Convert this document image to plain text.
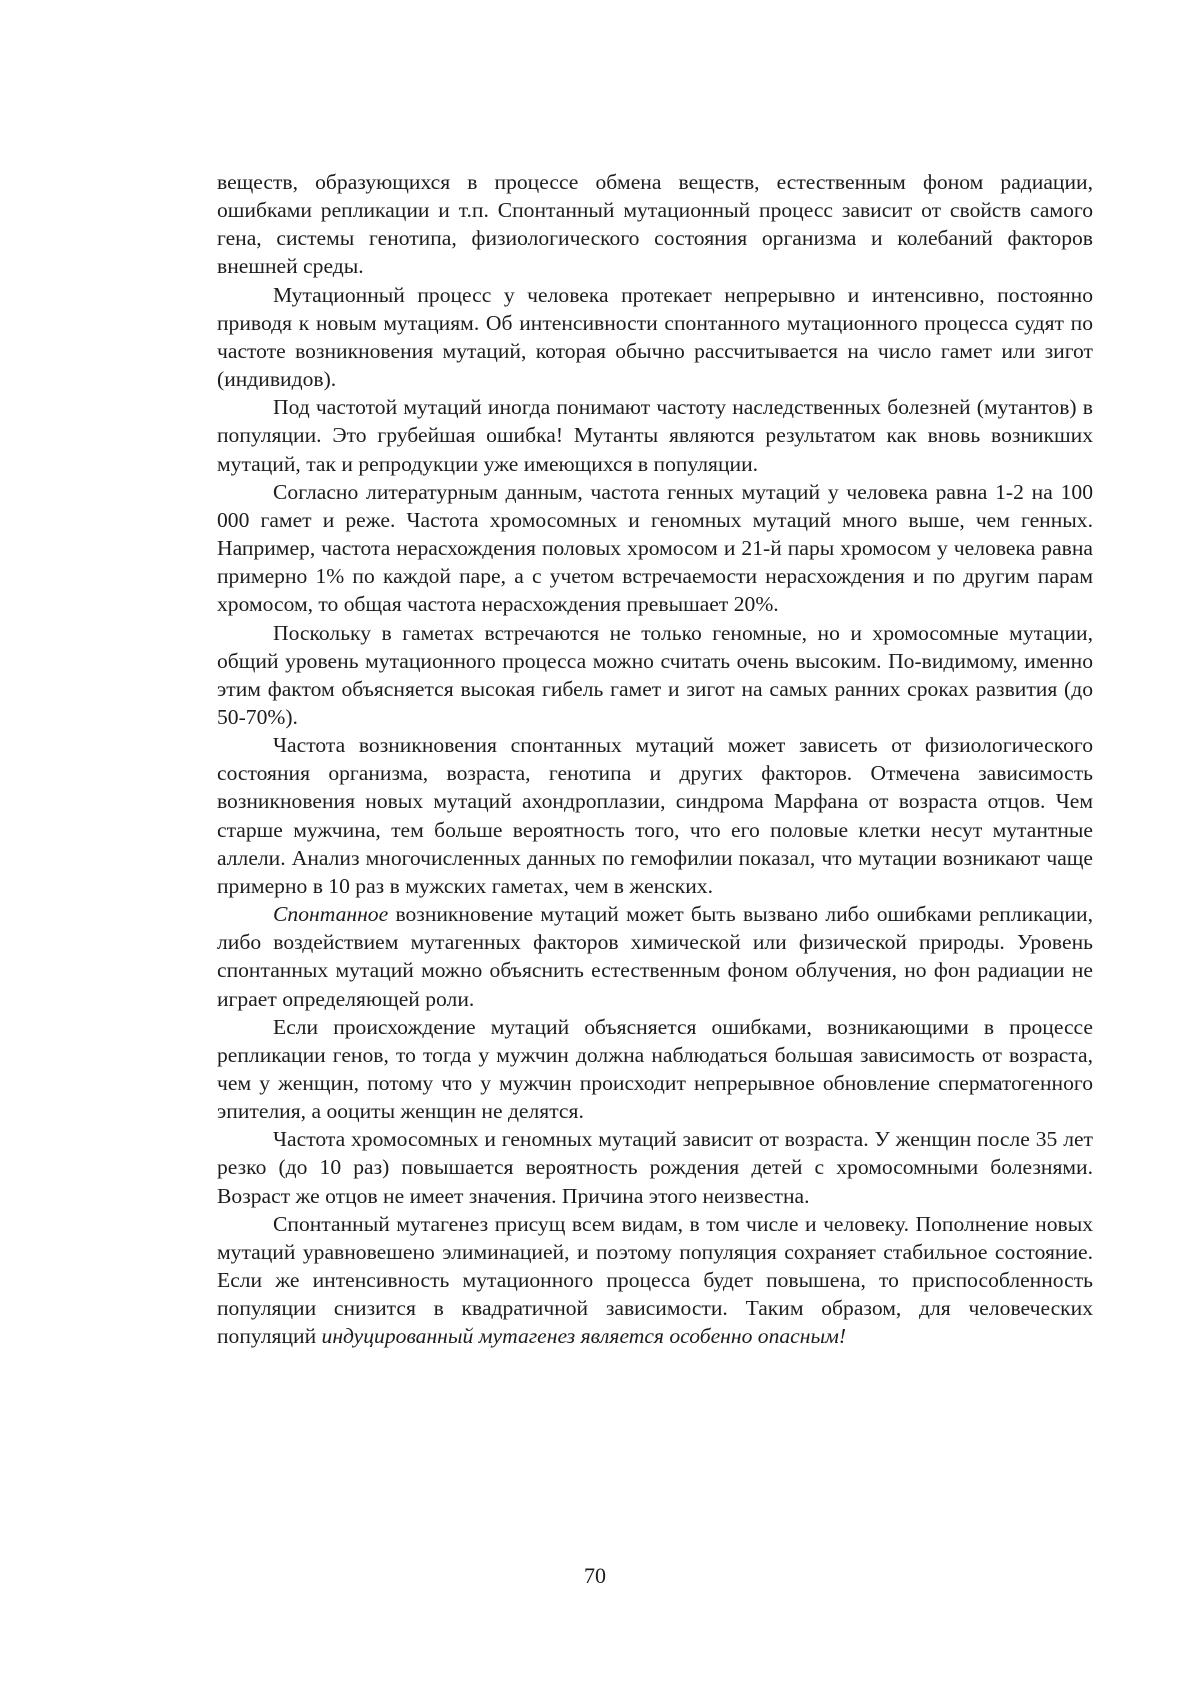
веществ, образующихся в процессе обмена веществ, естественным фоном радиации, ошибками репликации и т.п. Спонтанный мутационный процесс зависит от свойств самого гена, системы генотипа, физиологического состояния организма и колебаний факторов внешней среды.

Мутационный процесс у человека протекает непрерывно и интенсивно, постоянно приводя к новым мутациям. Об интенсивности спонтанного мутационного процесса судят по частоте возникновения мутаций, которая обычно рассчитывается на число гамет или зигот (индивидов).

Под частотой мутаций иногда понимают частоту наследственных болезней (мутантов) в популяции. Это грубейшая ошибка! Мутанты являются результатом как вновь возникших мутаций, так и репродукции уже имеющихся в популяции.

Согласно литературным данным, частота генных мутаций у человека равна 1-2 на 100 000 гамет и реже. Частота хромосомных и геномных мутаций много выше, чем генных. Например, частота нерасхождения половых хромосом и 21-й пары хромосом у человека равна примерно 1% по каждой паре, а с учетом встречаемости нерасхождения и по другим парам хромосом, то общая частота нерасхождения превышает 20%.

Поскольку в гаметах встречаются не только геномные, но и хромосомные мутации, общий уровень мутационного процесса можно считать очень высоким. По-видимому, именно этим фактом объясняется высокая гибель гамет и зигот на самых ранних сроках развития (до 50-70%).

Частота возникновения спонтанных мутаций может зависеть от физиологического состояния организма, возраста, генотипа и других факторов. Отмечена зависимость возникновения новых мутаций ахондроплазии, синдрома Марфана от возраста отцов. Чем старше мужчина, тем больше вероятность того, что его половые клетки несут мутантные аллели. Анализ многочисленных данных по гемофилии показал, что мутации возникают чаще примерно в 10 раз в мужских гаметах, чем в женских.

Спонтанное возникновение мутаций может быть вызвано либо ошибками репликации, либо воздействием мутагенных факторов химической или физической природы. Уровень спонтанных мутаций можно объяснить естественным фоном облучения, но фон радиации не играет определяющей роли.

Если происхождение мутаций объясняется ошибками, возникающими в процессе репликации генов, то тогда у мужчин должна наблюдаться большая зависимость от возраста, чем у женщин, потому что у мужчин происходит непрерывное обновление сперматогенного эпителия, а ооциты женщин не делятся.

Частота хромосомных и геномных мутаций зависит от возраста. У женщин после 35 лет резко (до 10 раз) повышается вероятность рождения детей с хромосомными болезнями. Возраст же отцов не имеет значения. Причина этого неизвестна.

Спонтанный мутагенез присущ всем видам, в том числе и человеку. Пополнение новых мутаций уравновешено элиминацией, и поэтому популяция сохраняет стабильное состояние. Если же интенсивность мутационного процесса будет повышена, то приспособленность популяции снизится в квадратичной зависимости. Таким образом, для человеческих популяций индуцированный мутагенез является особенно опасным!

70
